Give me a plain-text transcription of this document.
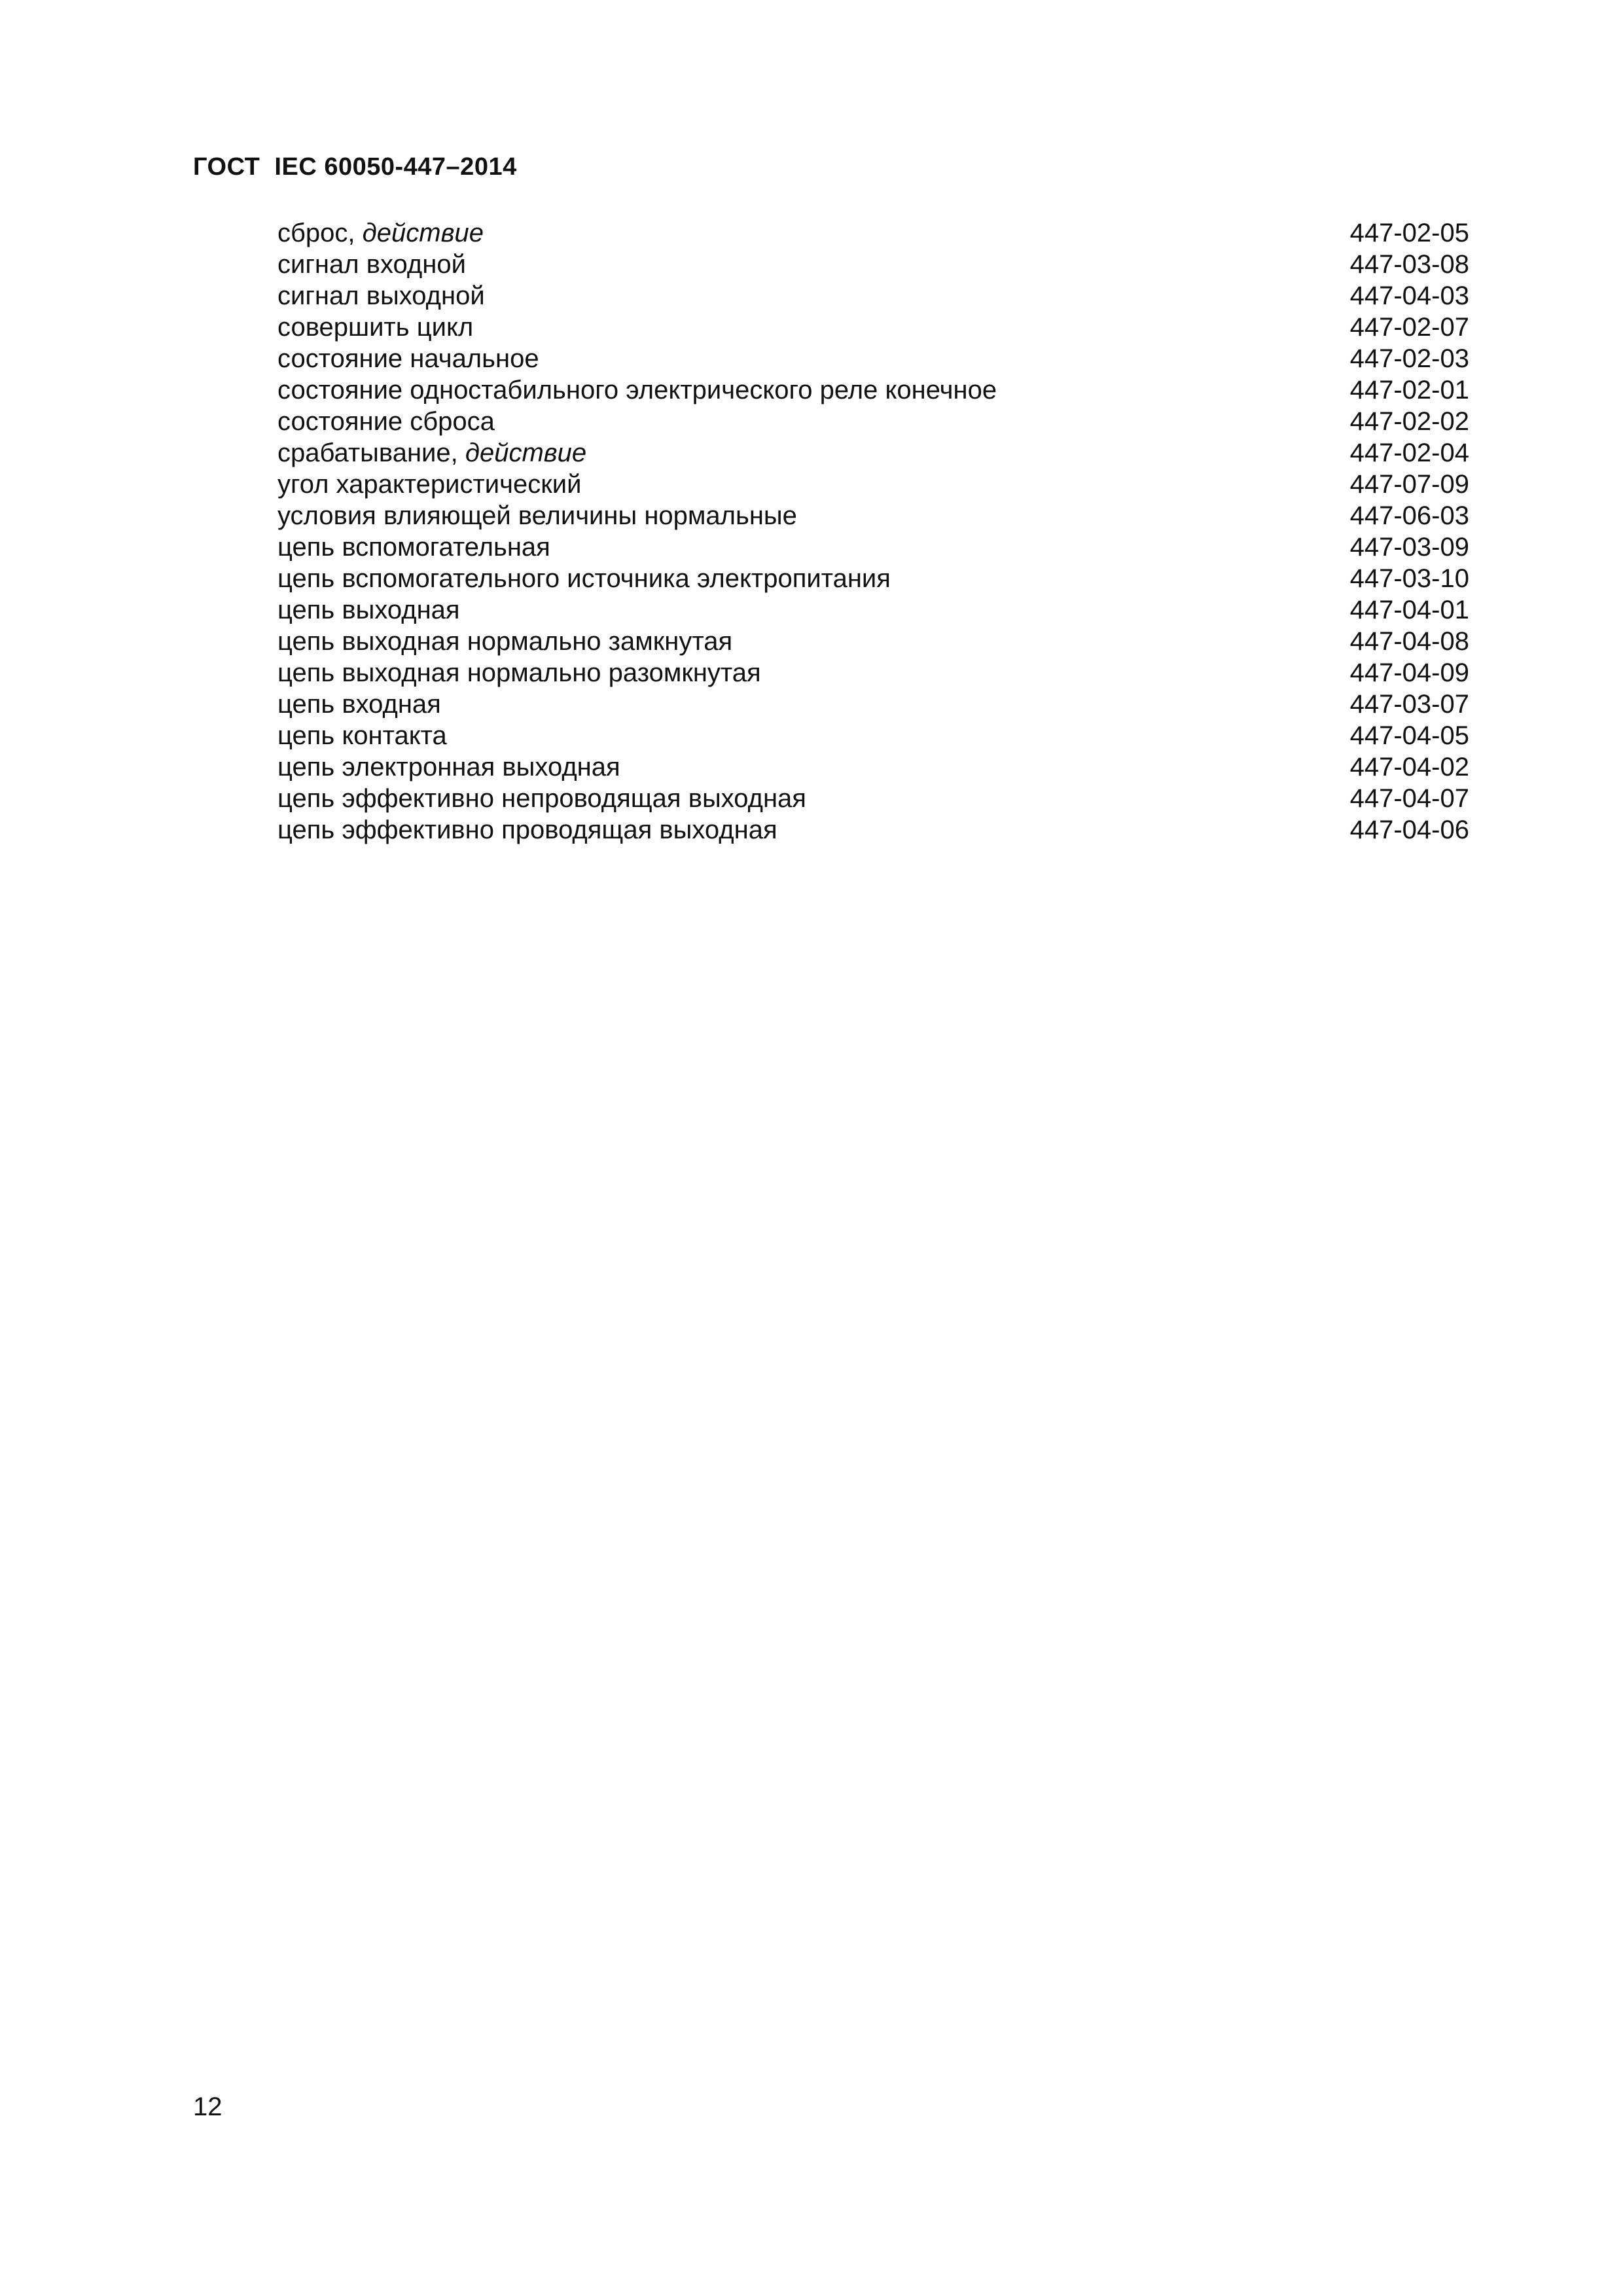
ГОСТ  IEC 60050-447–2014
сброс, действие	447-02-05
сигнал входной	447-03-08
сигнал выходной	447-04-03
совершить цикл	447-02-07
состояние начальное	447-02-03
состояние одностабильного электрического реле конечное	447-02-01
состояние сброса	447-02-02
срабатывание, действие	447-02-04
угол характеристический	447-07-09
условия влияющей величины нормальные	447-06-03
цепь вспомогательная	447-03-09
цепь вспомогательного источника электропитания	447-03-10
цепь выходная	447-04-01
цепь выходная нормально замкнутая	447-04-08
цепь выходная нормально разомкнутая	447-04-09
цепь входная	447-03-07
цепь контакта	447-04-05
цепь электронная выходная	447-04-02
цепь эффективно непроводящая выходная	447-04-07
цепь эффективно проводящая выходная	447-04-06
12
